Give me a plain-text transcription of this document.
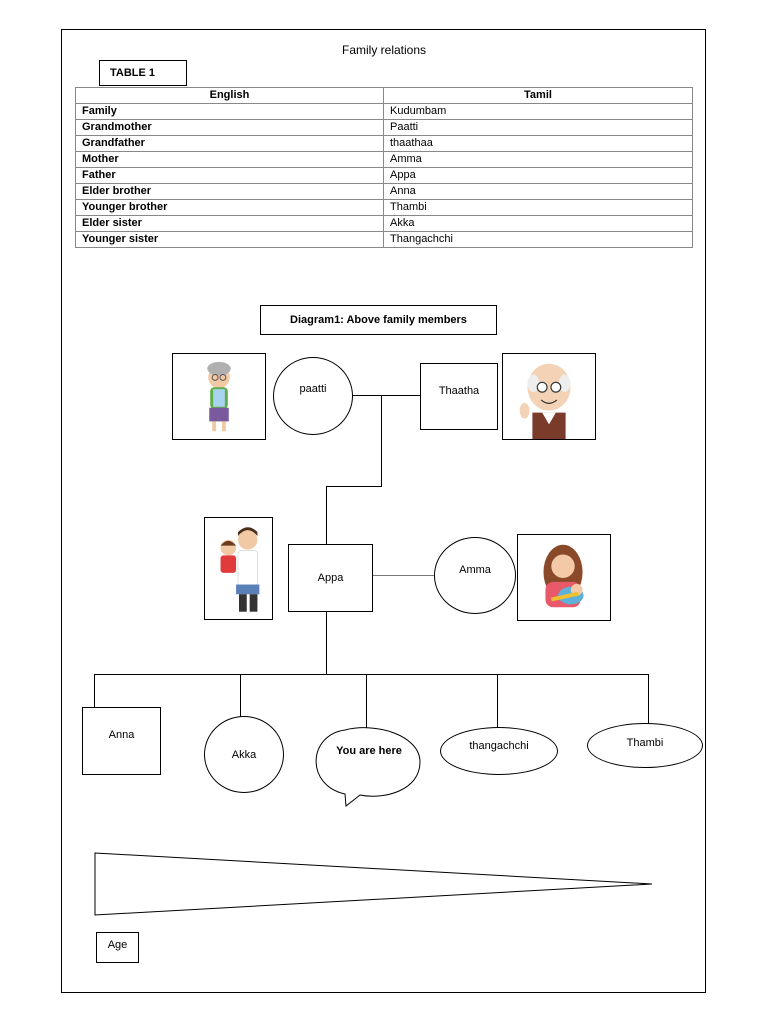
Family relations
TABLE 1
English	Tamil
Family	Kudumbam
Grandmother	Paatti
Grandfather	thaathaa
Mother	Amma
Father	Appa
Elder brother	Anna
Younger brother	Thambi
Elder sister	Akka
Younger sister	Thangachchi
Diagram1: Above family members
paatti	Thaatha
Appa
Amma
Anna
Akka	You are here	thangachchi	Thambi
Age
